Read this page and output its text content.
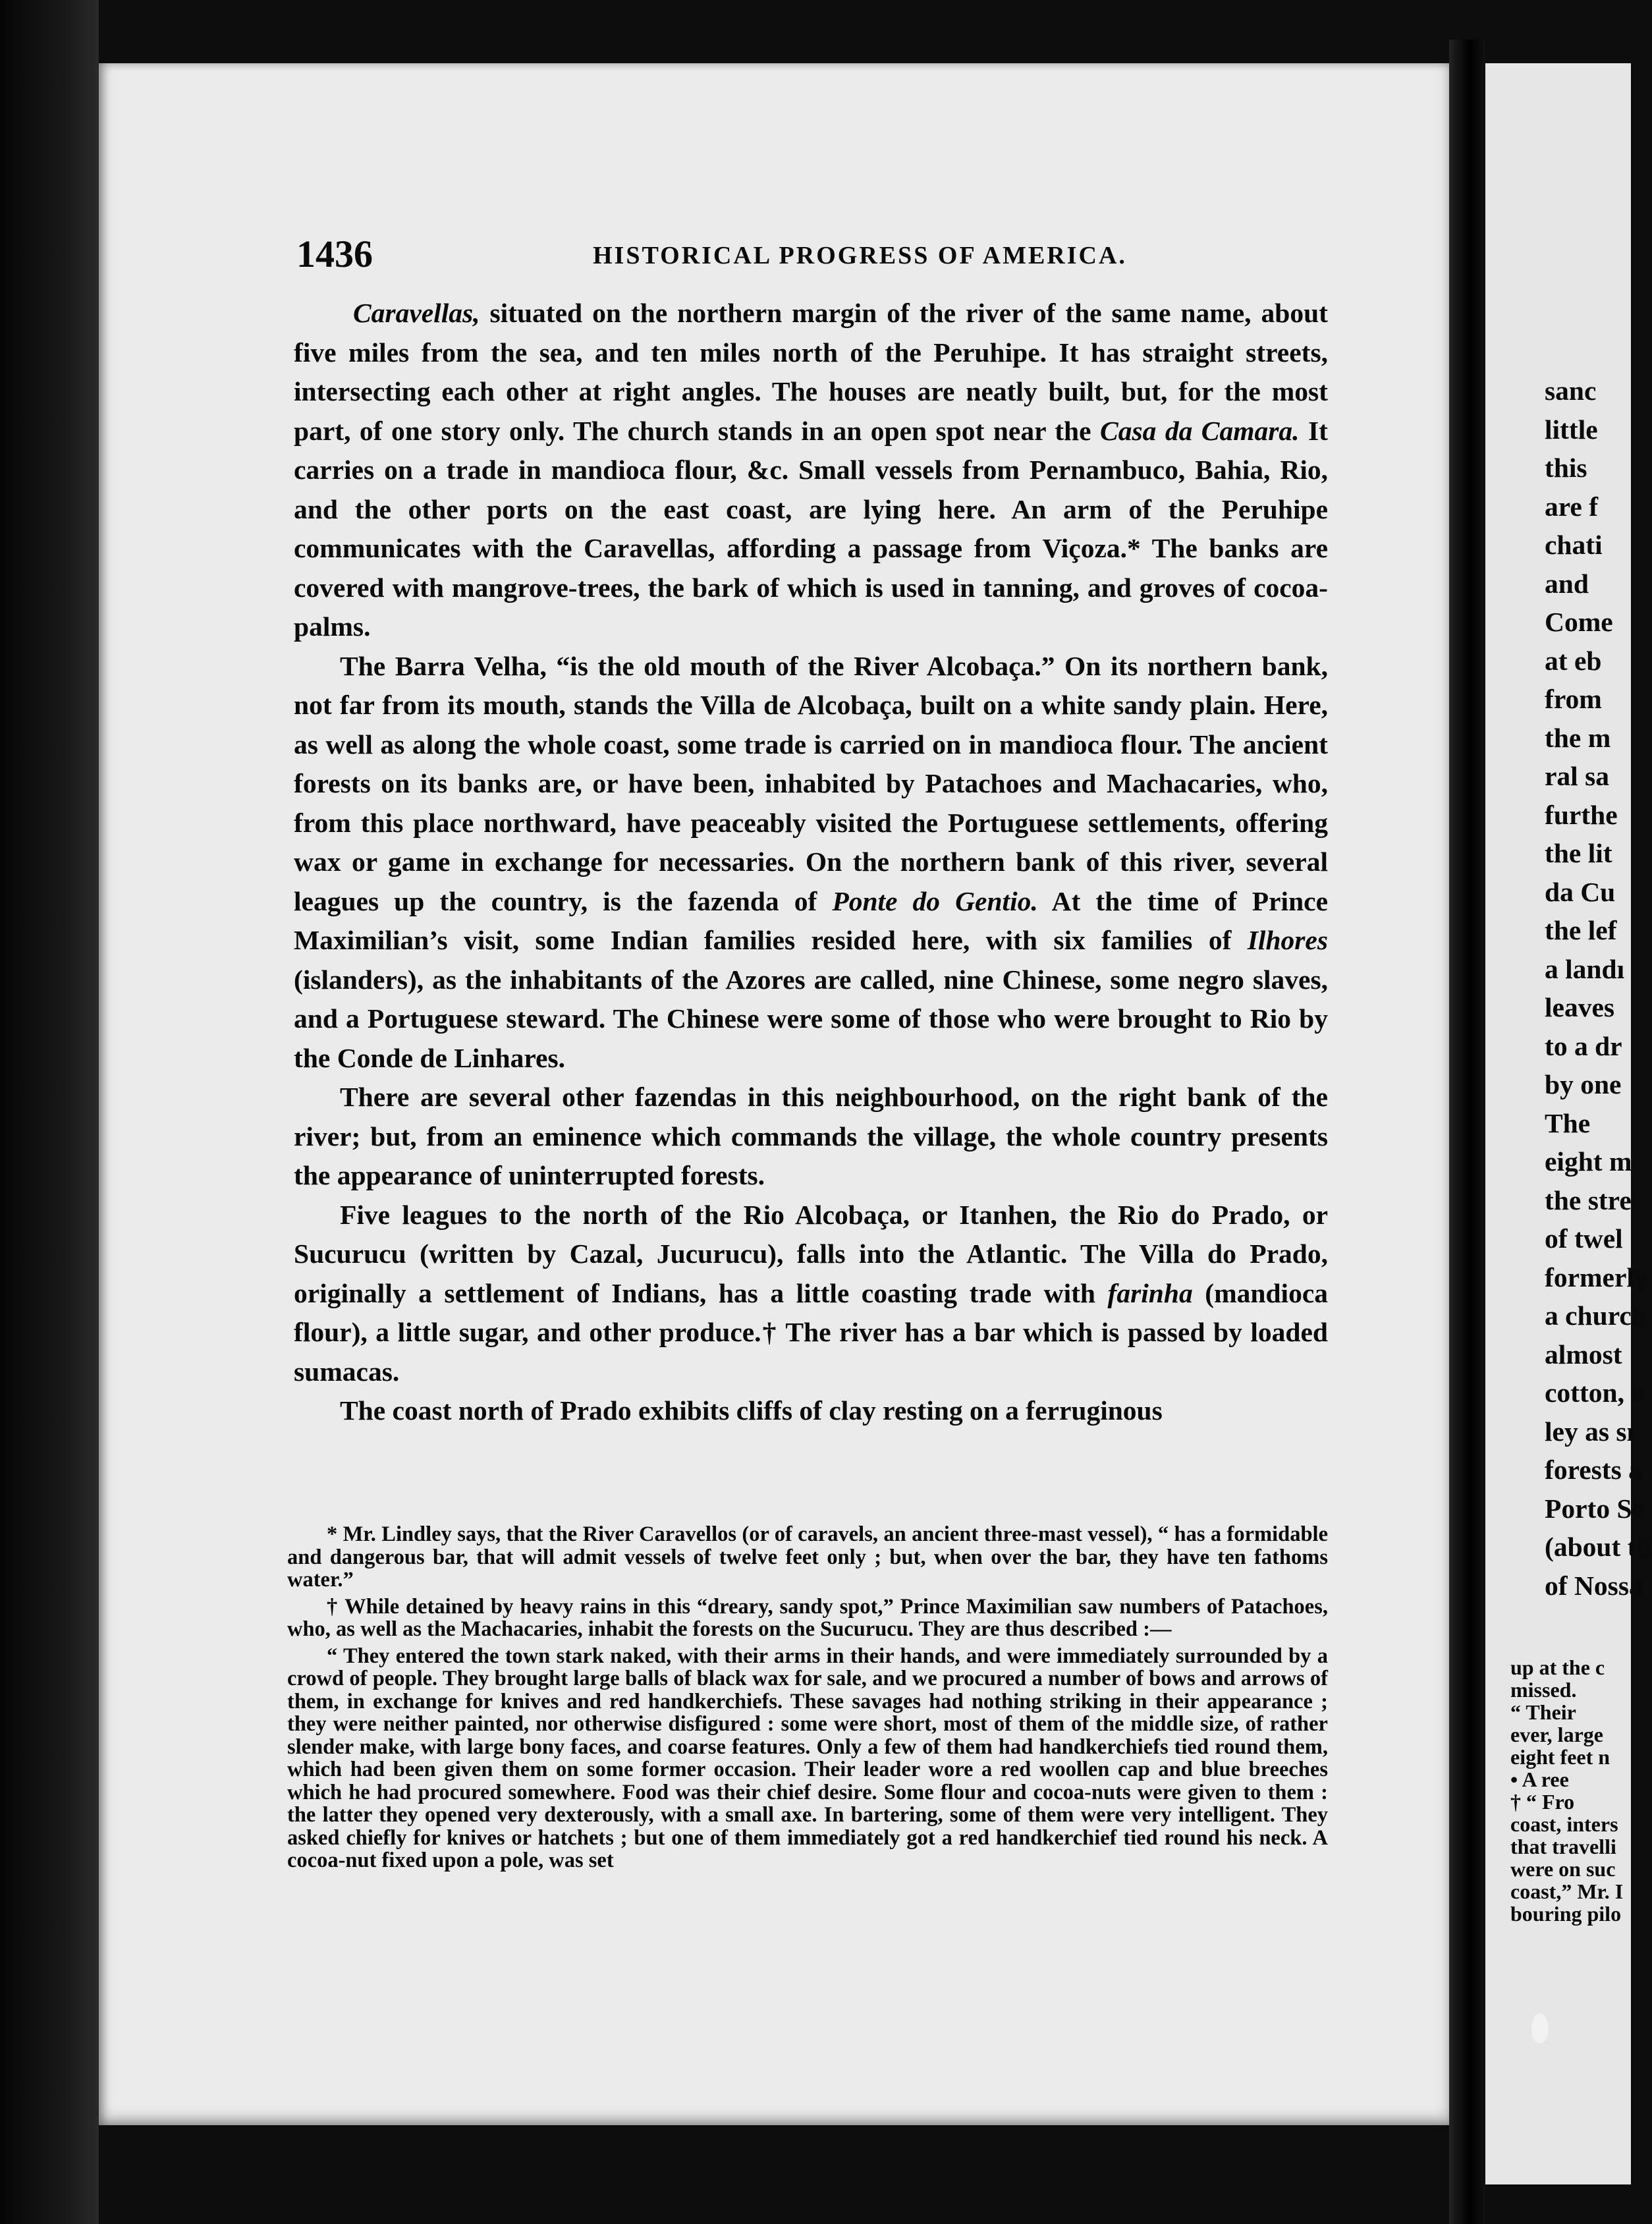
1436	HISTORICAL PROGRESS OF AMERICA.

Caravellas, situated on the northern margin of the river of the same name, about five miles from the sea, and ten miles north of the Peruhipe. It has straight streets, intersecting each other at right angles. The houses are neatly built, but, for the most part, of one story only. The church stands in an open spot near the Casa da Camara. It carries on a trade in mandioca flour, &c. Small vessels from Pernambuco, Bahia, Rio, and the other ports on the east coast, are lying here. An arm of the Peruhipe communicates with the Caravellas, affording a passage from Viçoza.* The banks are covered with mangrove-trees, the bark of which is used in tanning, and groves of cocoa-palms.

The Barra Velha, “is the old mouth of the River Alcobaça.” On its northern bank, not far from its mouth, stands the Villa de Alcobaça, built on a white sandy plain. Here, as well as along the whole coast, some trade is carried on in mandioca flour. The ancient forests on its banks are, or have been, inhabited by Patachoes and Machacaries, who, from this place northward, have peaceably visited the Portuguese settlements, offering wax or game in exchange for necessaries. On the northern bank of this river, several leagues up the country, is the fazenda of Ponte do Gentio. At the time of Prince Maximilian’s visit, some Indian families resided here, with six families of Ilhores (islanders), as the inhabitants of the Azores are called, nine Chinese, some negro slaves, and a Portuguese steward. The Chinese were some of those who were brought to Rio by the Conde de Linhares.

There are several other fazendas in this neighbourhood, on the right bank of the river; but, from an eminence which commands the village, the whole country presents the appearance of uninterrupted forests.

Five leagues to the north of the Rio Alcobaça, or Itanhen, the Rio do Prado, or Sucurucu (written by Cazal, Jucurucu), falls into the Atlantic. The Villa do Prado, originally a settlement of Indians, has a little coasting trade with farinha (mandioca flour), a little sugar, and other produce.† The river has a bar which is passed by loaded sumacas.

The coast north of Prado exhibits cliffs of clay resting on a ferruginous

* Mr. Lindley says, that the River Caravellos (or of caravels, an ancient three-mast vessel), “ has a formidable and dangerous bar, that will admit vessels of twelve feet only ; but, when over the bar, they have ten fathoms water.”

† While detained by heavy rains in this “dreary, sandy spot,” Prince Maximilian saw numbers of Patachoes, who, as well as the Machacaries, inhabit the forests on the Sucurucu. They are thus described :—

“ They entered the town stark naked, with their arms in their hands, and were immediately surrounded by a crowd of people. They brought large balls of black wax for sale, and we procured a number of bows and arrows of them, in exchange for knives and red handkerchiefs. These savages had nothing striking in their appearance ; they were neither painted, nor otherwise disfigured : some were short, most of them of the middle size, of rather slender make, with large bony faces, and coarse features. Only a few of them had handkerchiefs tied round them, which had been given them on some former occasion. Their leader wore a red woollen cap and blue breeches which he had procured somewhere. Food was their chief desire. Some flour and cocoa-nuts were given to them : the latter they opened very dexterously, with a small axe. In bartering, some of them were very intelligent. They asked chiefly for knives or hatchets ; but one of them immediately got a red handkerchief tied round his neck. A cocoa-nut fixed upon a pole, was set

sanc
little
this
are f
chati
and
Come
at eb
from
the m
ral sa
furthe
the lit
da Cu
the lef
a landı
leaves
to a dr
by one
The
eight m
the stre
of twel
formerly
a church
almost
cotton, a
ley as sı
forests a
Porto Se
(about th
of Nossa
up at the c
missed.
“ Their
ever, large
eight feet n
• A ree
† “ Fro
coast, inters
that travelli
were on suc
coast,” Mr. I
bouring pilo
